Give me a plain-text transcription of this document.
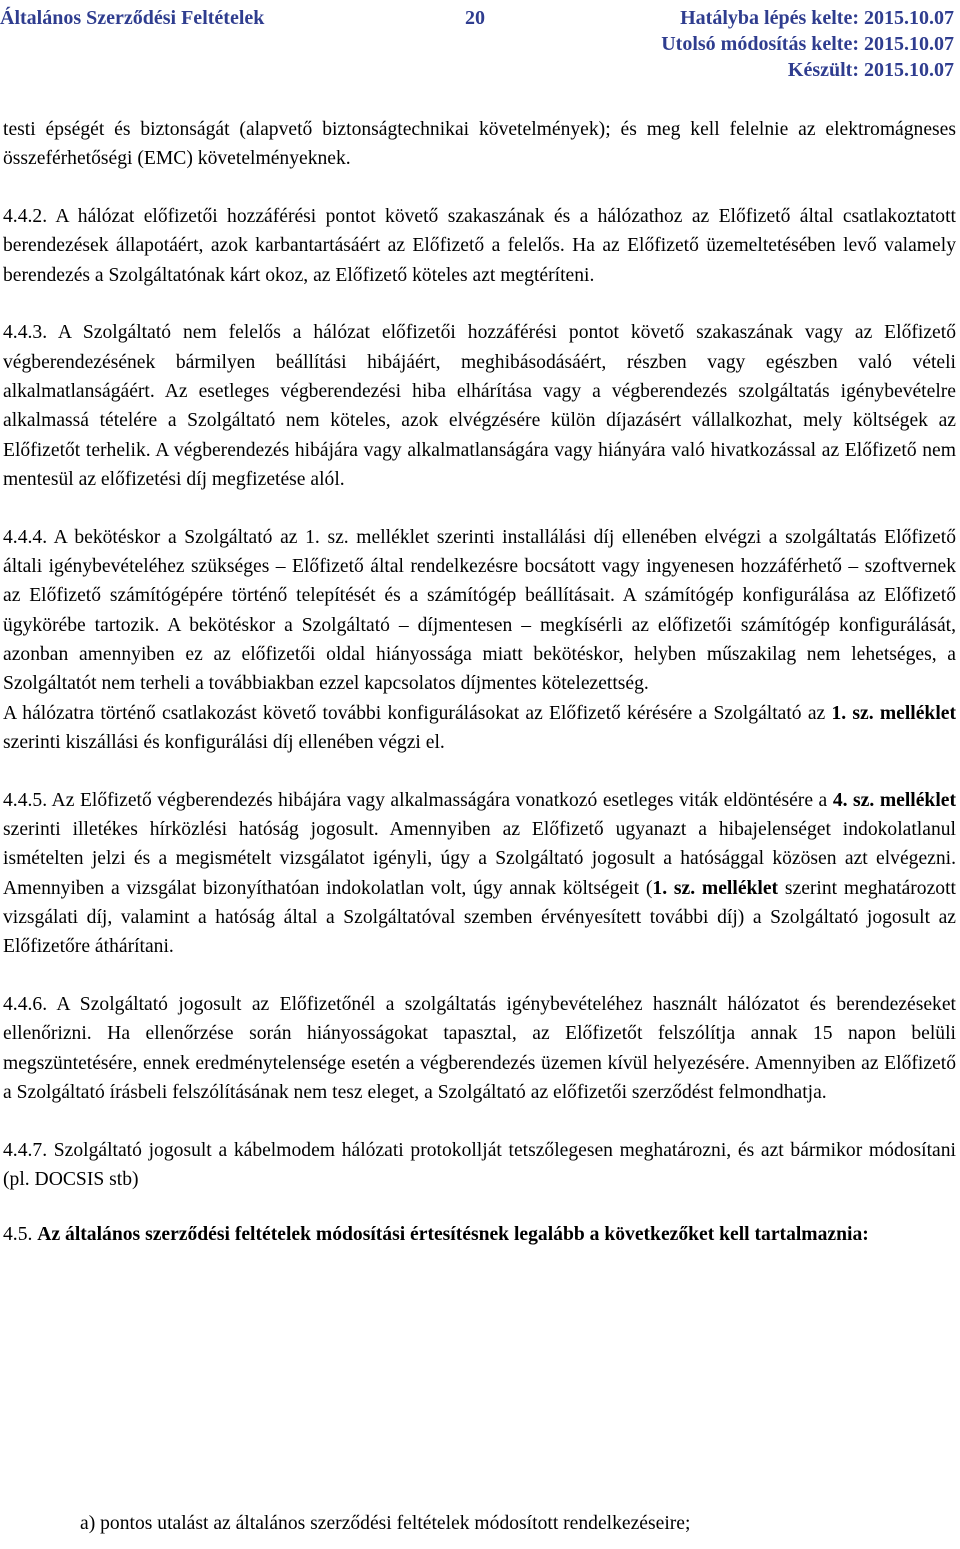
Általános Szerződési Feltételek	20	Hatályba lépés kelte: 2015.10.07
Utolsó módosítás kelte: 2015.10.07
Készült: 2015.10.07

testi épségét és biztonságát (alapvető biztonságtechnikai követelmények); és meg kell felelnie az elektromágneses összeférhetőségi (EMC) követelményeknek.

4.4.2. A hálózat előfizetői hozzáférési pontot követő szakaszának és a hálózathoz az Előfizető által csatlakoztatott berendezések állapotáért, azok karbantartásáért az Előfizető a felelős. Ha az Előfizető üzemeltetésében levő valamely berendezés a Szolgáltatónak kárt okoz, az Előfizető köteles azt megtéríteni.

4.4.3. A Szolgáltató nem felelős a hálózat előfizetői hozzáférési pontot követő szakaszának vagy az Előfizető végberendezésének bármilyen beállítási hibájáért, meghibásodásáért, részben vagy egészben való vételi alkalmatlanságáért. Az esetleges végberendezési hiba elhárítása vagy a végberendezés szolgáltatás igénybevételre alkalmassá tételére a Szolgáltató nem köteles, azok elvégzésére külön díjazásért vállalkozhat, mely költségek az Előfizetőt terhelik. A végberendezés hibájára vagy alkalmatlanságára vagy hiányára való hivatkozással az Előfizető nem mentesül az előfizetési díj megfizetése alól.

4.4.4. A bekötéskor a Szolgáltató az 1. sz. melléklet szerinti installálási díj ellenében elvégzi a szolgáltatás Előfizető általi igénybevételéhez szükséges – Előfizető által rendelkezésre bocsátott vagy ingyenesen hozzáférhető – szoftvernek az Előfizető számítógépére történő telepítését és a számítógép beállításait. A számítógép konfigurálása az Előfizető ügykörébe tartozik. A bekötéskor a Szolgáltató – díjmentesen – megkísérli az előfizetői számítógép konfigurálását, azonban amennyiben ez az előfizetői oldal hiányossága miatt bekötéskor, helyben műszakilag nem lehetséges, a Szolgáltatót nem terheli a továbbiakban ezzel kapcsolatos díjmentes kötelezettség.

A hálózatra történő csatlakozást követő további konfigurálásokat az Előfizető kérésére a Szolgáltató az 1. sz. melléklet szerinti kiszállási és konfigurálási díj ellenében végzi el.

4.4.5. Az Előfizető végberendezés hibájára vagy alkalmasságára vonatkozó esetleges viták eldöntésére a 4. sz. melléklet szerinti illetékes hírközlési hatóság jogosult. Amennyiben az Előfizető ugyanazt a hibajelenséget indokolatlanul ismételten jelzi és a megismételt vizsgálatot igényli, úgy a Szolgáltató jogosult a hatósággal közösen azt elvégezni. Amennyiben a vizsgálat bizonyíthatóan indokolatlan volt, úgy annak költségeit (1. sz. melléklet szerint meghatározott vizsgálati díj, valamint a hatóság által a Szolgáltatóval szemben érvényesített további díj) a Szolgáltató jogosult az Előfizetőre áthárítani.

4.4.6. A Szolgáltató jogosult az Előfizetőnél a szolgáltatás igénybevételéhez használt hálózatot és berendezéseket ellenőrizni. Ha ellenőrzése során hiányosságokat tapasztal, az Előfizetőt felszólítja annak 15 napon belüli megszüntetésére, ennek eredménytelensége esetén a végberendezés üzemen kívül helyezésére. Amennyiben az Előfizető a Szolgáltató írásbeli felszólításának nem tesz eleget, a Szolgáltató az előfizetői szerződést felmondhatja.

4.4.7. Szolgáltató jogosult a kábelmodem hálózati protokollját tetszőlegesen meghatározni, és azt bármikor módosítani (pl. DOCSIS stb)

4.5. Az általános szerződési feltételek módosítási értesítésnek legalább a következőket kell tartalmaznia:

a) pontos utalást az általános szerződési feltételek módosított rendelkezéseire;
